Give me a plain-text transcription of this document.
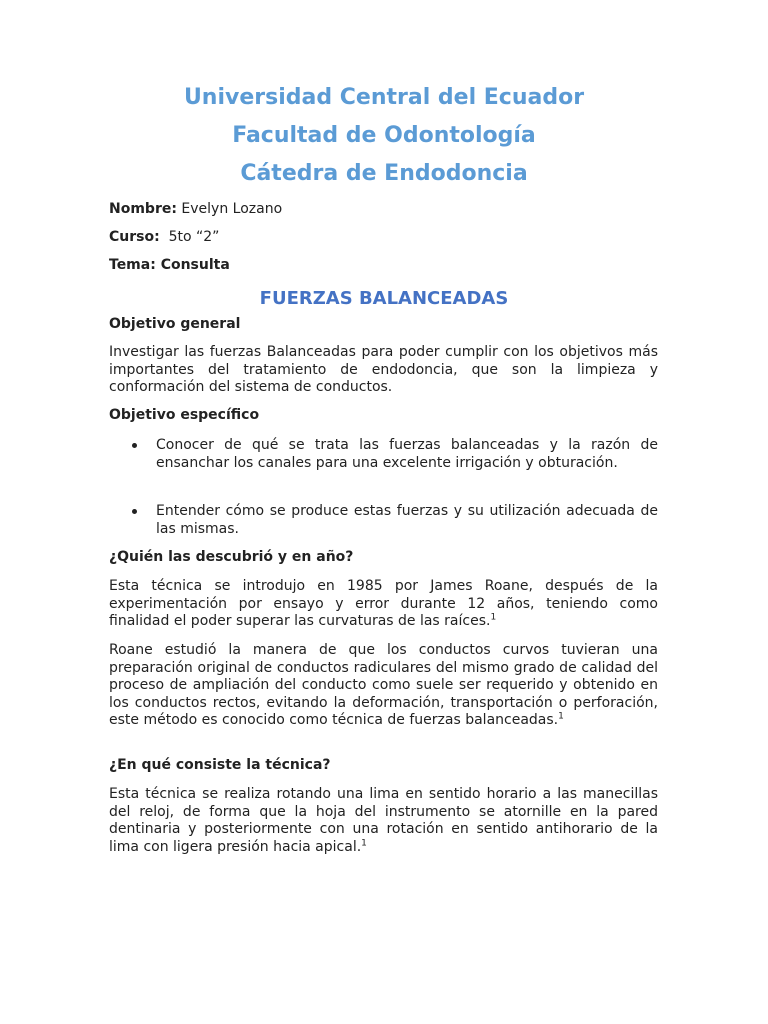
Universidad Central del Ecuador
Facultad de Odontología
Cátedra de Endodoncia

Nombre: Evelyn Lozano

Curso:  5to “2”

Tema: Consulta

FUERZAS BALANCEADAS
Objetivo general

Investigar las fuerzas Balanceadas para poder cumplir con los objetivos más importantes del tratamiento de endodoncia, que son la limpieza y conformación del sistema de conductos.

Objetivo específico
Conocer de qué se trata las fuerzas balanceadas y la razón de ensanchar los canales para una excelente irrigación y obturación.
Entender cómo se produce estas fuerzas y su utilización adecuada de las mismas.
¿Quién las descubrió y en año?

Esta técnica se introdujo en 1985 por James Roane, después de la experimentación por ensayo y error durante 12 años, teniendo como finalidad el poder superar las curvaturas de las raíces.$^1$

Roane estudió la manera de que los conductos curvos tuvieran una preparación original de conductos radiculares del mismo grado de calidad del proceso de ampliación del conducto como suele ser requerido y obtenido en los conductos rectos, evitando la deformación, transportación o perforación, este método es conocido como técnica de fuerzas balanceadas.$^1$

¿En qué consiste la técnica?

Esta técnica se realiza rotando una lima en sentido horario a las manecillas del reloj, de forma que la hoja del instrumento se atornille en la pared dentinaria y posteriormente con una rotación en sentido antihorario de la lima con ligera presión hacia apical.$^1$
